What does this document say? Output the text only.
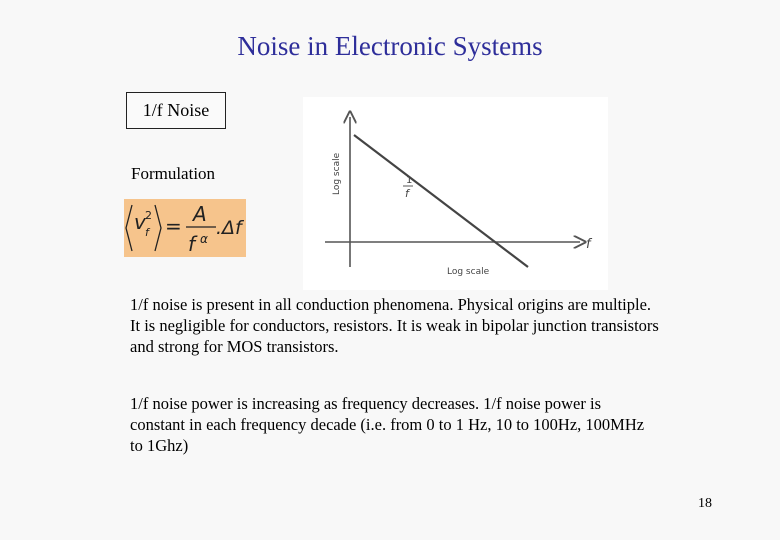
Noise in Electronic Systems
1/f Noise
Formulation
v 2
f = A
f α .Δf
Log scale
Log scale
f
1
f
1/f noise is present in all conduction phenomena. Physical origins are multiple. It is negligible for conductors, resistors. It is weak in bipolar junction transistors and strong for MOS transistors.
1/f noise power is increasing as frequency decreases. 1/f noise power is constant in each frequency decade (i.e. from 0 to 1 Hz, 10 to 100Hz, 100MHz to 1Ghz)
18
